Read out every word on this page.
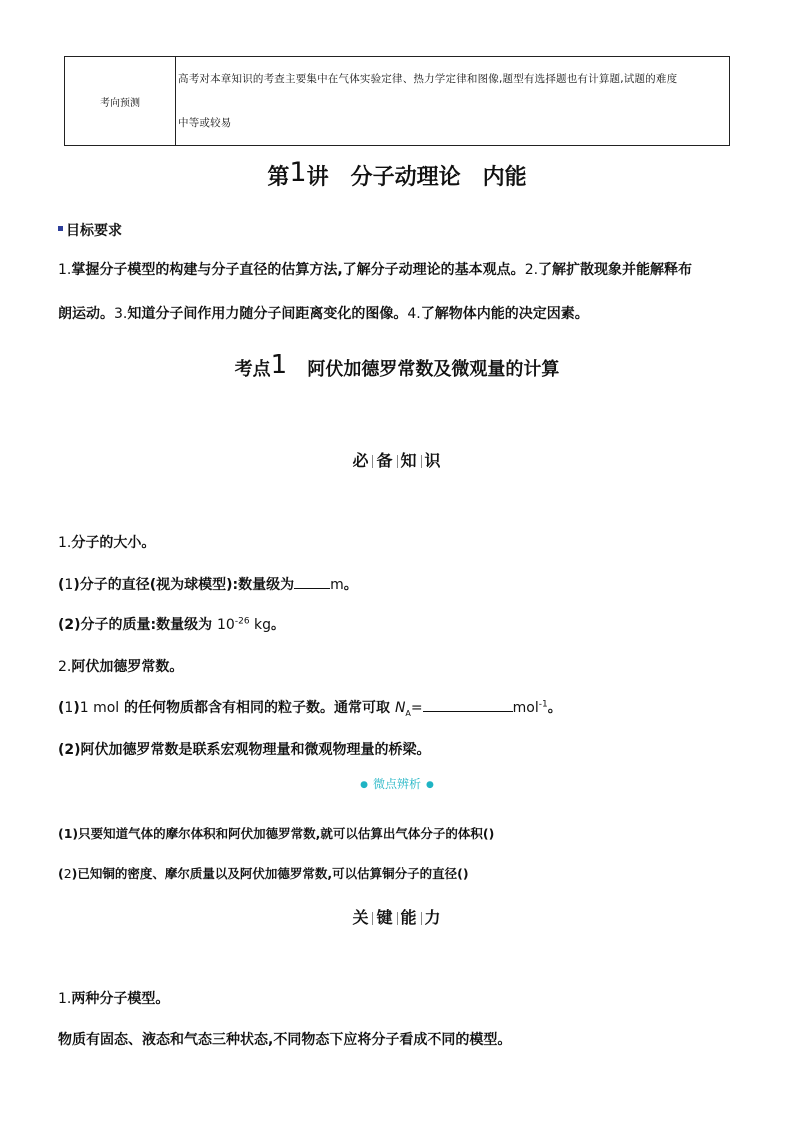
考向预测	
高考对本章知识的考查主要集中在气体实验定律、热力学定律和图像,题型有选择题也有计算题,试题的难度
中等或较易
第1讲　分子动理论　内能
目标要求
1.掌握分子模型的构建与分子直径的估算方法,了解分子动理论的基本观点。2.了解扩散现象并能解释布
朗运动。3.知道分子间作用力随分子间距离变化的图像。4.了解物体内能的决定因素。
考点1 阿伏加德罗常数及微观量的计算
必 备 知 识
1.分子的大小。
(1)分子的直径(视为球模型):数量级为	m。
(2)分子的质量:数量级为 $10^{-26}$ kg。
2.阿伏加德罗常数。
(1)1 mol 的任何物质都含有相同的粒子数。通常可取 $N_A=$	mol$^{-1}$。
(2)阿伏加德罗常数是联系宏观物理量和微观物理量的桥梁。
● 微点辨析 ●
(1)只要知道气体的摩尔体积和阿伏加德罗常数,就可以估算出气体分子的体积()
(2)已知铜的密度、摩尔质量以及阿伏加德罗常数,可以估算铜分子的直径()
关 键 能 力
1.两种分子模型。
物质有固态、液态和气态三种状态,不同物态下应将分子看成不同的模型。
